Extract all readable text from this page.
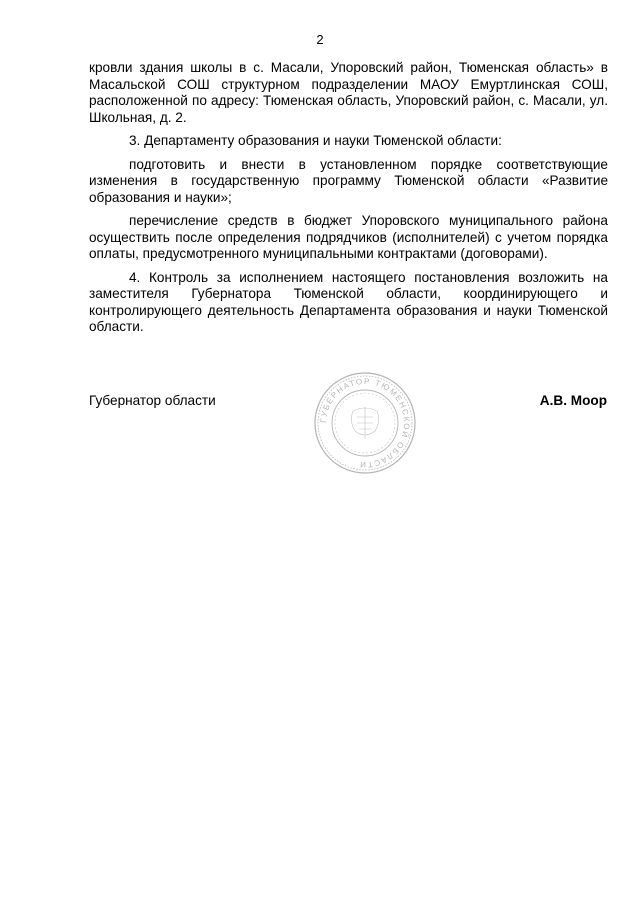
2

кровли здания школы в с. Масали, Упоровский район, Тюменская область» в Масальской СОШ структурном подразделении МАОУ Емуртлинская СОШ, расположенной по адресу: Тюменская область, Упоровский район, с. Масали, ул. Школьная, д. 2.

3. Департаменту образования и науки Тюменской области:

подготовить и внести в установленном порядке соответствующие изменения в государственную программу Тюменской области «Развитие образования и науки»;

перечисление средств в бюджет Упоровского муниципального района осуществить после определения подрядчиков (исполнителей) с учетом порядка оплаты, предусмотренного муниципальными контрактами (договорами).

4. Контроль за исполнением настоящего постановления возложить на заместителя Губернатора Тюменской области, координирующего и контролирующего деятельность Департамента образования и науки Тюменской области.

Губернатор области	А.В. Моор
ГУБЕРНАТОР ТЮМЕНСКОЙ ОБЛАСТИ
